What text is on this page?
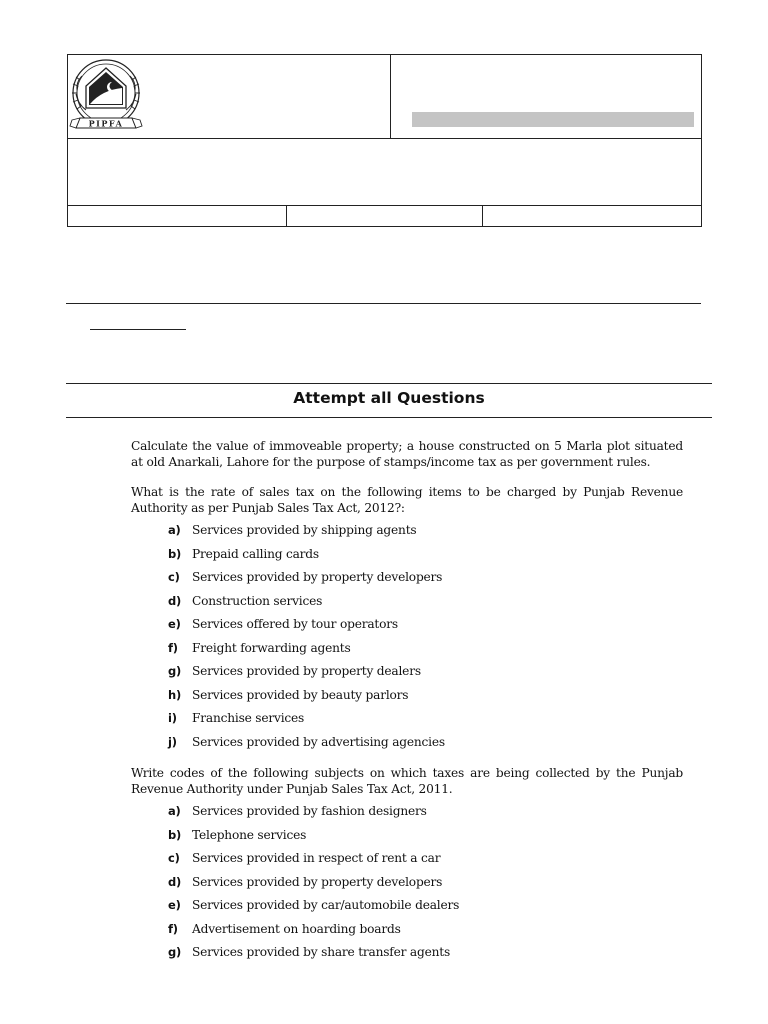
PIPFA
Attempt all Questions
Calculate the value of immoveable property; a house constructed on 5 Marla plot situated at old Anarkali, Lahore for the purpose of stamps/income tax as per government rules.
What is the rate of sales tax on the following items to be charged by Punjab Revenue Authority as per Punjab Sales Tax Act, 2012?:
a) Services provided by shipping agents
b) Prepaid calling cards
c) Services provided by property developers
d) Construction services
e) Services offered by tour operators
f) Freight forwarding agents
g) Services provided by property dealers
h) Services provided by beauty parlors
i) Franchise services
j) Services provided by advertising agencies
Write codes of the following subjects on which taxes are being collected by the Punjab Revenue Authority under Punjab Sales Tax Act, 2011.
a) Services provided by fashion designers
b) Telephone services
c) Services provided in respect of rent a car
d) Services provided by property developers
e) Services provided by car/automobile dealers
f) Advertisement on hoarding boards
g) Services provided by share transfer agents
